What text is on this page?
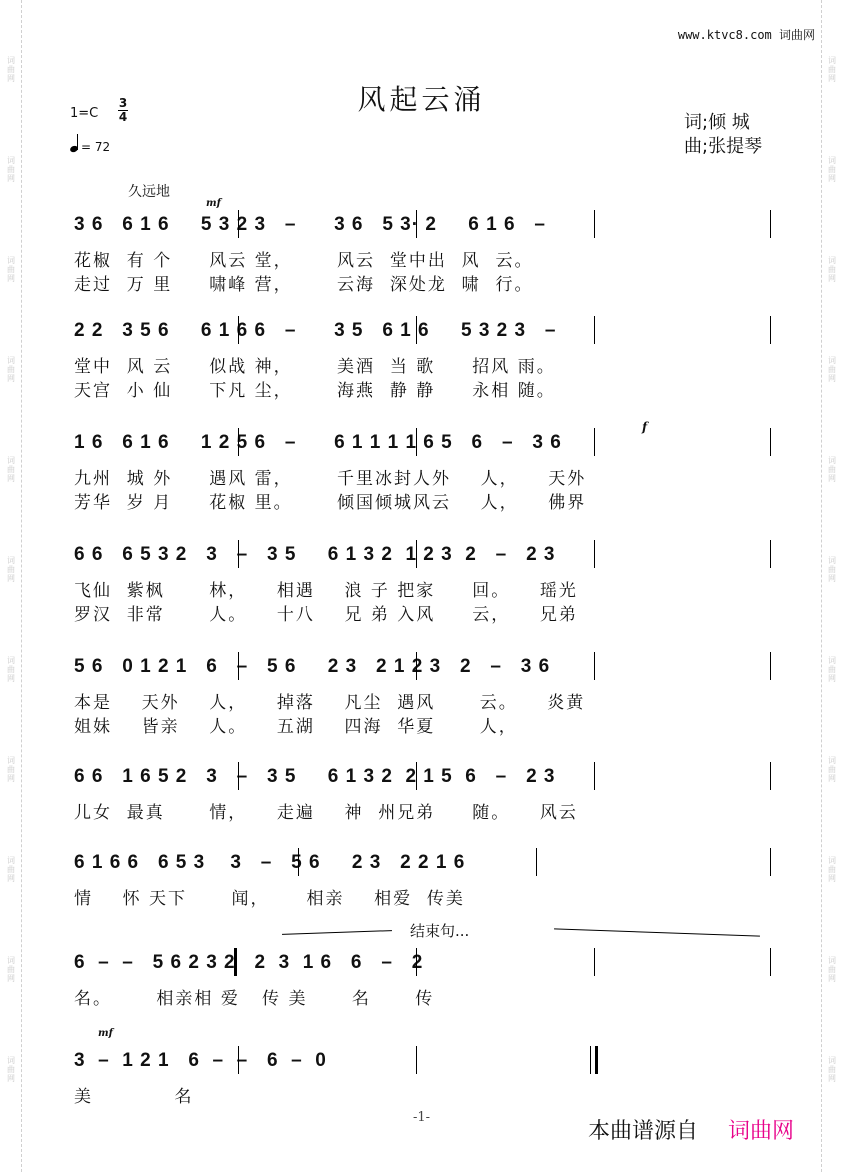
词曲网
词曲网
词曲网
词曲网
词曲网
词曲网
词曲网
词曲网
词曲网
词曲网
词曲网
词曲网
词曲网
词曲网
词曲网
词曲网
词曲网
词曲网
词曲网
词曲网
词曲网
词曲网
www.ktvc8.com 词曲网
风起云涌
1=C
3
4
= 72
词;倾 城
曲;张提琴
久远地
mf
f
mf
3 6   6 1 6     5 3 2 3   –      3 6   5 3· 2     6 1 6   –
花椒  有 个     风云 堂，      风云  堂中出  风  云。
走过  万 里     啸峰 营，      云海  深处龙  啸  行。
2 2   3 5 6     6 1 6 6   –      3 5   6 1 6     5 3 2 3   –
堂中  风 云     似战 神，      美酒  当 歌     招风 雨。
天宫  小 仙     下凡 尘，      海燕  静 静     永相 随。
1 6   6 1 6     1 2 5 6   –      6 1 1 1 1 6 5   6   –   3 6
九州  城 外     遇风 雷，      千里冰封人外    人，    天外
芳华  岁 月     花椒 里。      倾国倾城风云    人，    佛界
6 6   6 5 3 2   3   –   3 5     6 1 3 2  1 2 3  2   –   2 3
飞仙  紫枫      林，    相遇    浪 子 把家     回。    瑶光
罗汉  非常      人。    十八    兄 弟 入风     云，    兄弟
5 6   0 1 2 1   6   –   5 6     2 3   2 1 2 3   2   –   3 6
本是    天外    人，    掉落    凡尘  遇风      云。    炎黄
姐妹    皆亲    人。    五湖    四海  华夏      人，
6 6   1 6 5 2   3   –   3 5     6 1 3 2  2 1 5  6   –   2 3
儿女  最真      情，    走遍    神  州兄弟     随。    风云
6 1 6 6   6 5 3    3   –   5 6     2 3   2 2 1 6
情    怀 天下      闻，     相亲    相爱  传美
结束句...
6  –  –   5 6 2 3 2   2  3  1 6   6   –   2
名。      相亲相 爱   传 美      名      传
3  –  1 2 1   6  –  –   6  –  0
美           名
-1-
本曲谱源自 词曲网
